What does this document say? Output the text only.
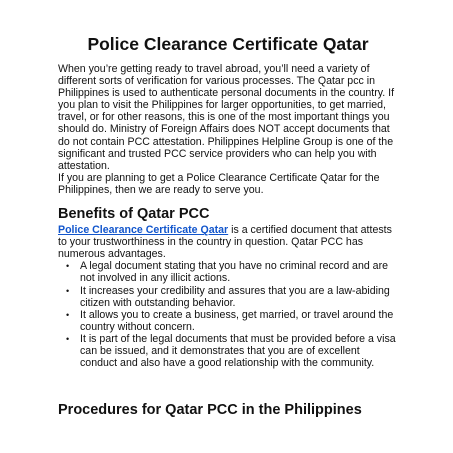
Police Clearance Certificate Qatar

When you’re getting ready to travel abroad, you’ll need a variety of different sorts of verification for various processes. The Qatar pcc in Philippines is used to authenticate personal documents in the country. If you plan to visit the Philippines for larger opportunities, to get married, travel, or for other reasons, this is one of the most important things you should do. Ministry of Foreign Affairs does NOT accept documents that do not contain PCC attestation. Philippines Helpline Group is one of the significant and trusted PCC service providers who can help you with attestation.

If you are planning to get a Police Clearance Certificate Qatar for the Philippines, then we are ready to serve you.

Benefits of Qatar PCC

Police Clearance Certificate Qatar is a certified document that attests to your trustworthiness in the country in question. Qatar PCC has numerous advantages.

• A legal document stating that you have no criminal record and are not involved in any illicit actions.
• It increases your credibility and assures that you are a law-abiding citizen with outstanding behavior.
• It allows you to create a business, get married, or travel around the country without concern.
• It is part of the legal documents that must be provided before a visa can be issued, and it demonstrates that you are of excellent conduct and also have a good relationship with the community.
Procedures for Qatar PCC in the Philippines
